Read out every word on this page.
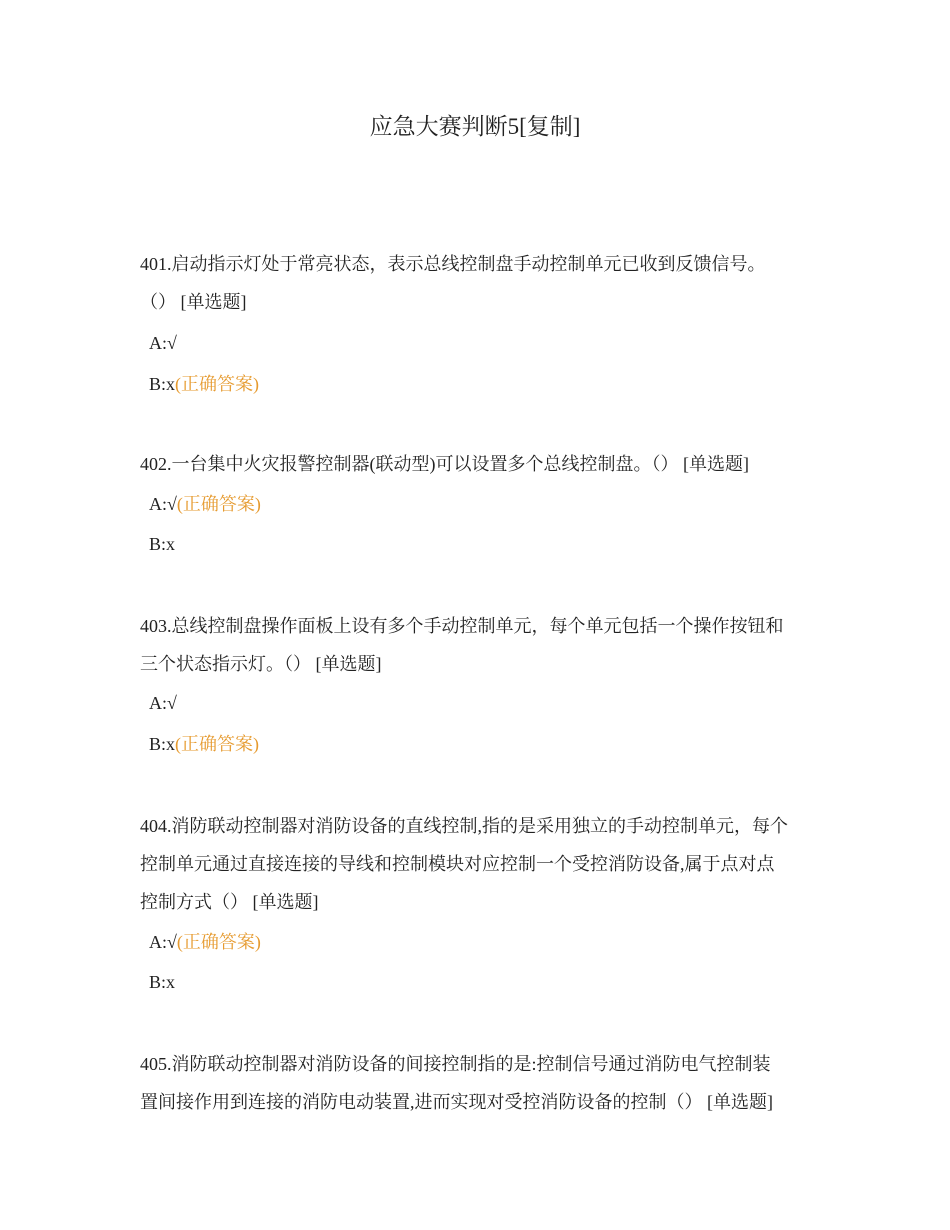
应急大赛判断5[复制]

401.启动指示灯处于常亮状态，表示总线控制盘手动控制单元已收到反馈信号。
（） [单选题]

A:√

B:x(正确答案)

402.一台集中火灾报警控制器(联动型)可以设置多个总线控制盘。（） [单选题]

A:√(正确答案)

B:x

403.总线控制盘操作面板上设有多个手动控制单元，每个单元包括一个操作按钮和
三个状态指示灯。（） [单选题]

A:√

B:x(正确答案)

404.消防联动控制器对消防设备的直线控制,指的是采用独立的手动控制单元，每个
控制单元通过直接连接的导线和控制模块对应控制一个受控消防设备,属于点对点
控制方式（） [单选题]

A:√(正确答案)

B:x

405.消防联动控制器对消防设备的间接控制指的是:控制信号通过消防电气控制装
置间接作用到连接的消防电动装置,进而实现对受控消防设备的控制（） [单选题]
